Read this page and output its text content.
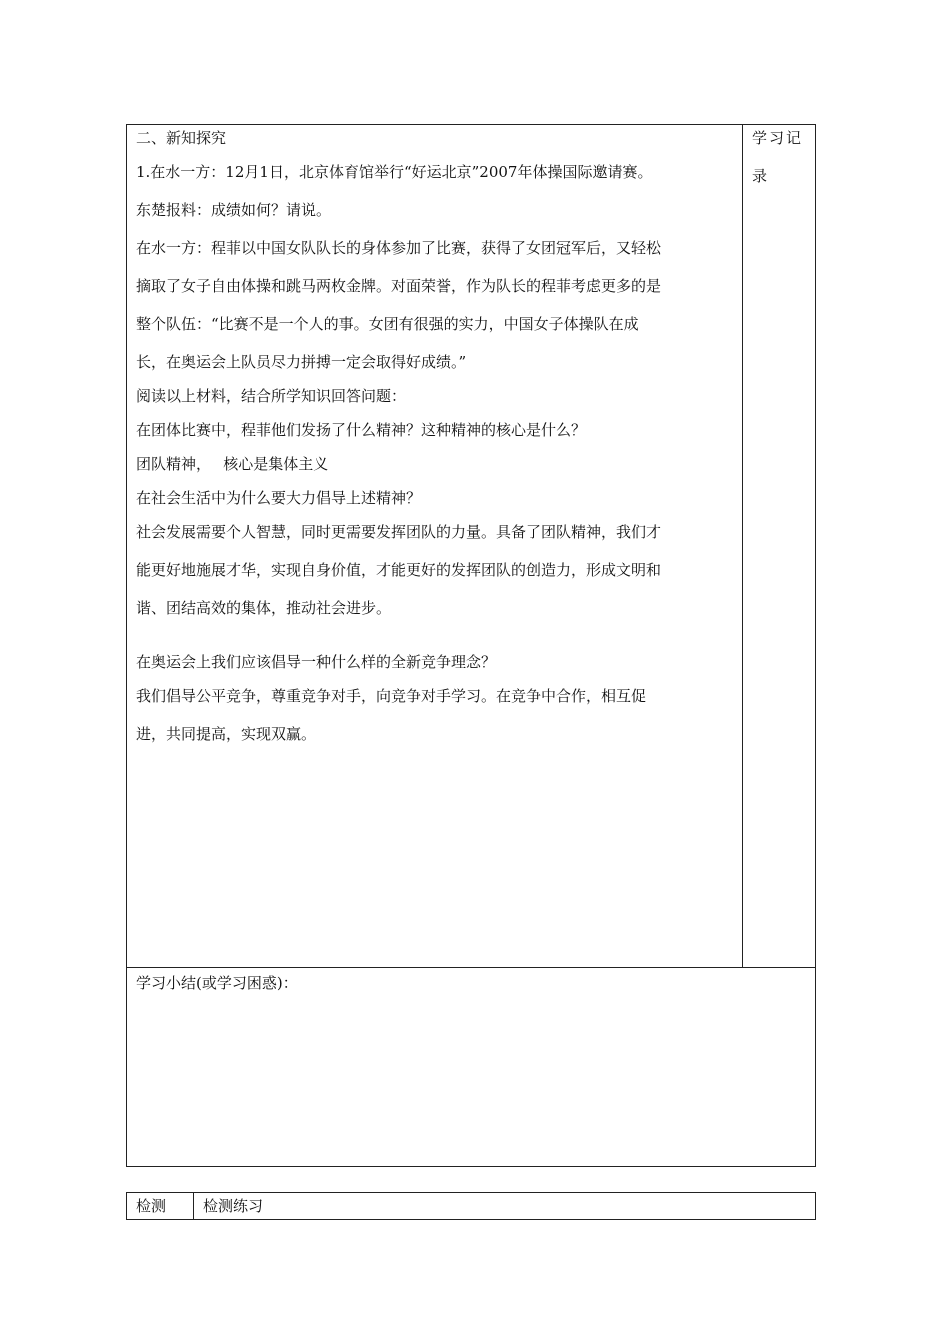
二、新知探究
1.在水一方：12月1日，北京体育馆举行“好运北京”2007年体操国际邀请赛。
东楚报料：成绩如何？请说。
在水一方：程菲以中国女队队长的身体参加了比赛，获得了女团冠军后，又轻松
摘取了女子自由体操和跳马两枚金牌。对面荣誉，作为队长的程菲考虑更多的是
整个队伍：“比赛不是一个人的事。女团有很强的实力，中国女子体操队在成
长，在奥运会上队员尽力拼搏一定会取得好成绩。”
阅读以上材料，结合所学知识回答问题：
在团体比赛中，程菲他们发扬了什么精神？这种精神的核心是什么？
团队精神，　 核心是集体主义
在社会生活中为什么要大力倡导上述精神？
社会发展需要个人智慧，同时更需要发挥团队的力量。具备了团队精神，我们才
能更好地施展才华，实现自身价值，才能更好的发挥团队的创造力，形成文明和
谐、团结高效的集体，推动社会进步。
在奥运会上我们应该倡导一种什么样的全新竞争理念？
我们倡导公平竞争，尊重竞争对手，向竞争对手学习。在竞争中合作，相互促
进，共同提高，实现双赢。
学习记
录
学习小结(或学习困惑)：
检测 检测练习
